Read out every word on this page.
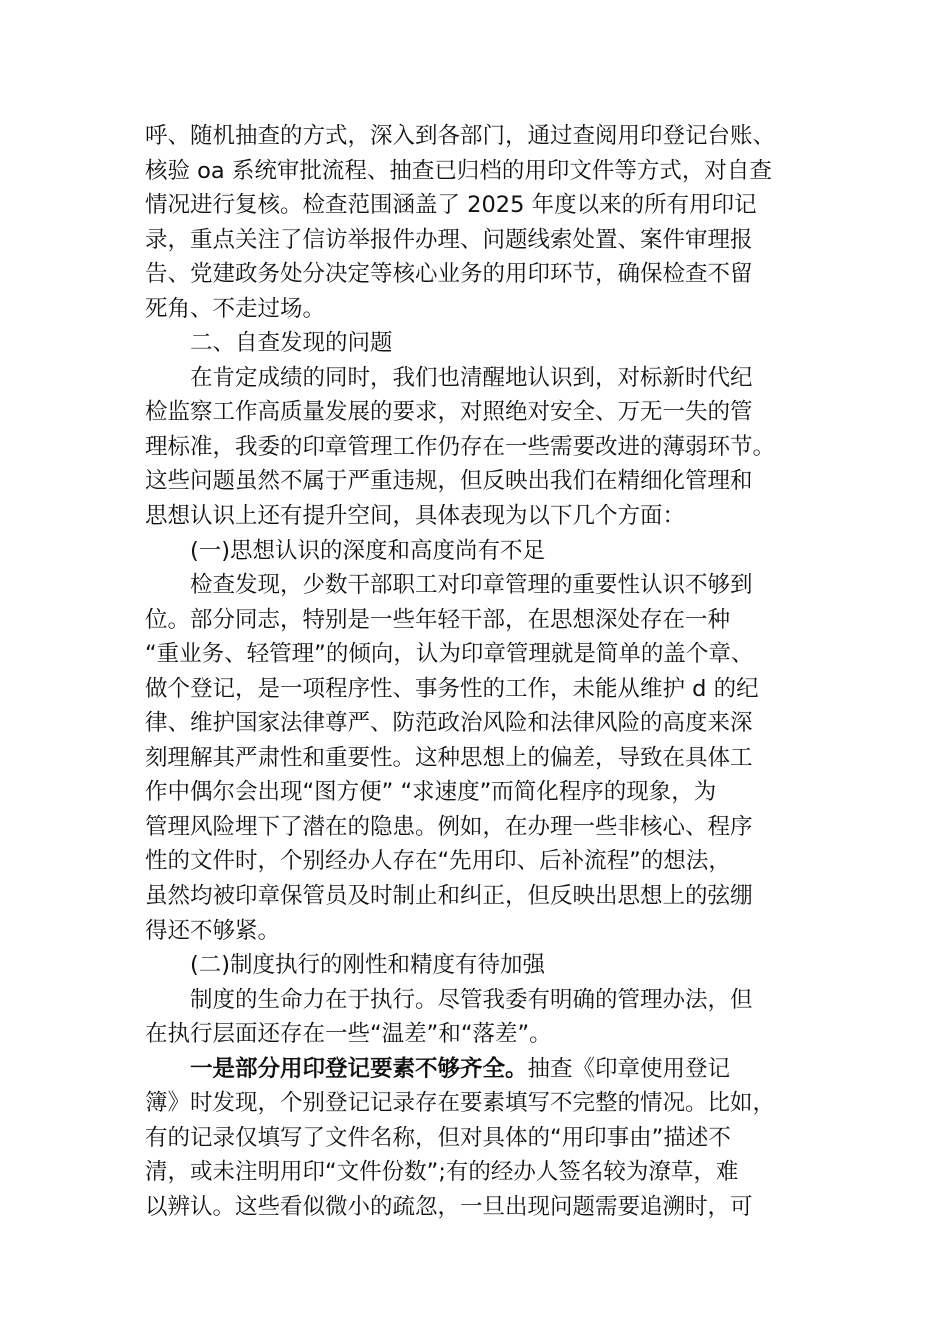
呼、随机抽查的方式，深入到各部门，通过查阅用印登记台账、
核验 oa 系统审批流程、抽查已归档的用印文件等方式，对自查
情况进行复核。检查范围涵盖了 2025 年度以来的所有用印记
录，重点关注了信访举报件办理、问题线索处置、案件审理报
告、党建政务处分决定等核心业务的用印环节，确保检查不留
死角、不走过场。
二、自查发现的问题
在肯定成绩的同时，我们也清醒地认识到，对标新时代纪
检监察工作高质量发展的要求，对照绝对安全、万无一失的管
理标准，我委的印章管理工作仍存在一些需要改进的薄弱环节。
这些问题虽然不属于严重违规，但反映出我们在精细化管理和
思想认识上还有提升空间，具体表现为以下几个方面：
(一)思想认识的深度和高度尚有不足
检查发现，少数干部职工对印章管理的重要性认识不够到
位。部分同志，特别是一些年轻干部，在思想深处存在一种
“重业务、轻管理”的倾向，认为印章管理就是简单的盖个章、
做个登记，是一项程序性、事务性的工作，未能从维护 d 的纪
律、维护国家法律尊严、防范政治风险和法律风险的高度来深
刻理解其严肃性和重要性。这种思想上的偏差，导致在具体工
作中偶尔会出现“图方便” “求速度”而简化程序的现象，为
管理风险埋下了潜在的隐患。例如，在办理一些非核心、程序
性的文件时，个别经办人存在“先用印、后补流程”的想法，
虽然均被印章保管员及时制止和纠正，但反映出思想上的弦绷
得还不够紧。
(二)制度执行的刚性和精度有待加强
制度的生命力在于执行。尽管我委有明确的管理办法，但
在执行层面还存在一些“温差”和“落差”。
一是部分用印登记要素不够齐全。抽查《印章使用登记
簿》时发现，个别登记记录存在要素填写不完整的情况。比如，
有的记录仅填写了文件名称，但对具体的“用印事由”描述不
清，或未注明用印“文件份数”;有的经办人签名较为潦草，难
以辨认。这些看似微小的疏忽，一旦出现问题需要追溯时，可
